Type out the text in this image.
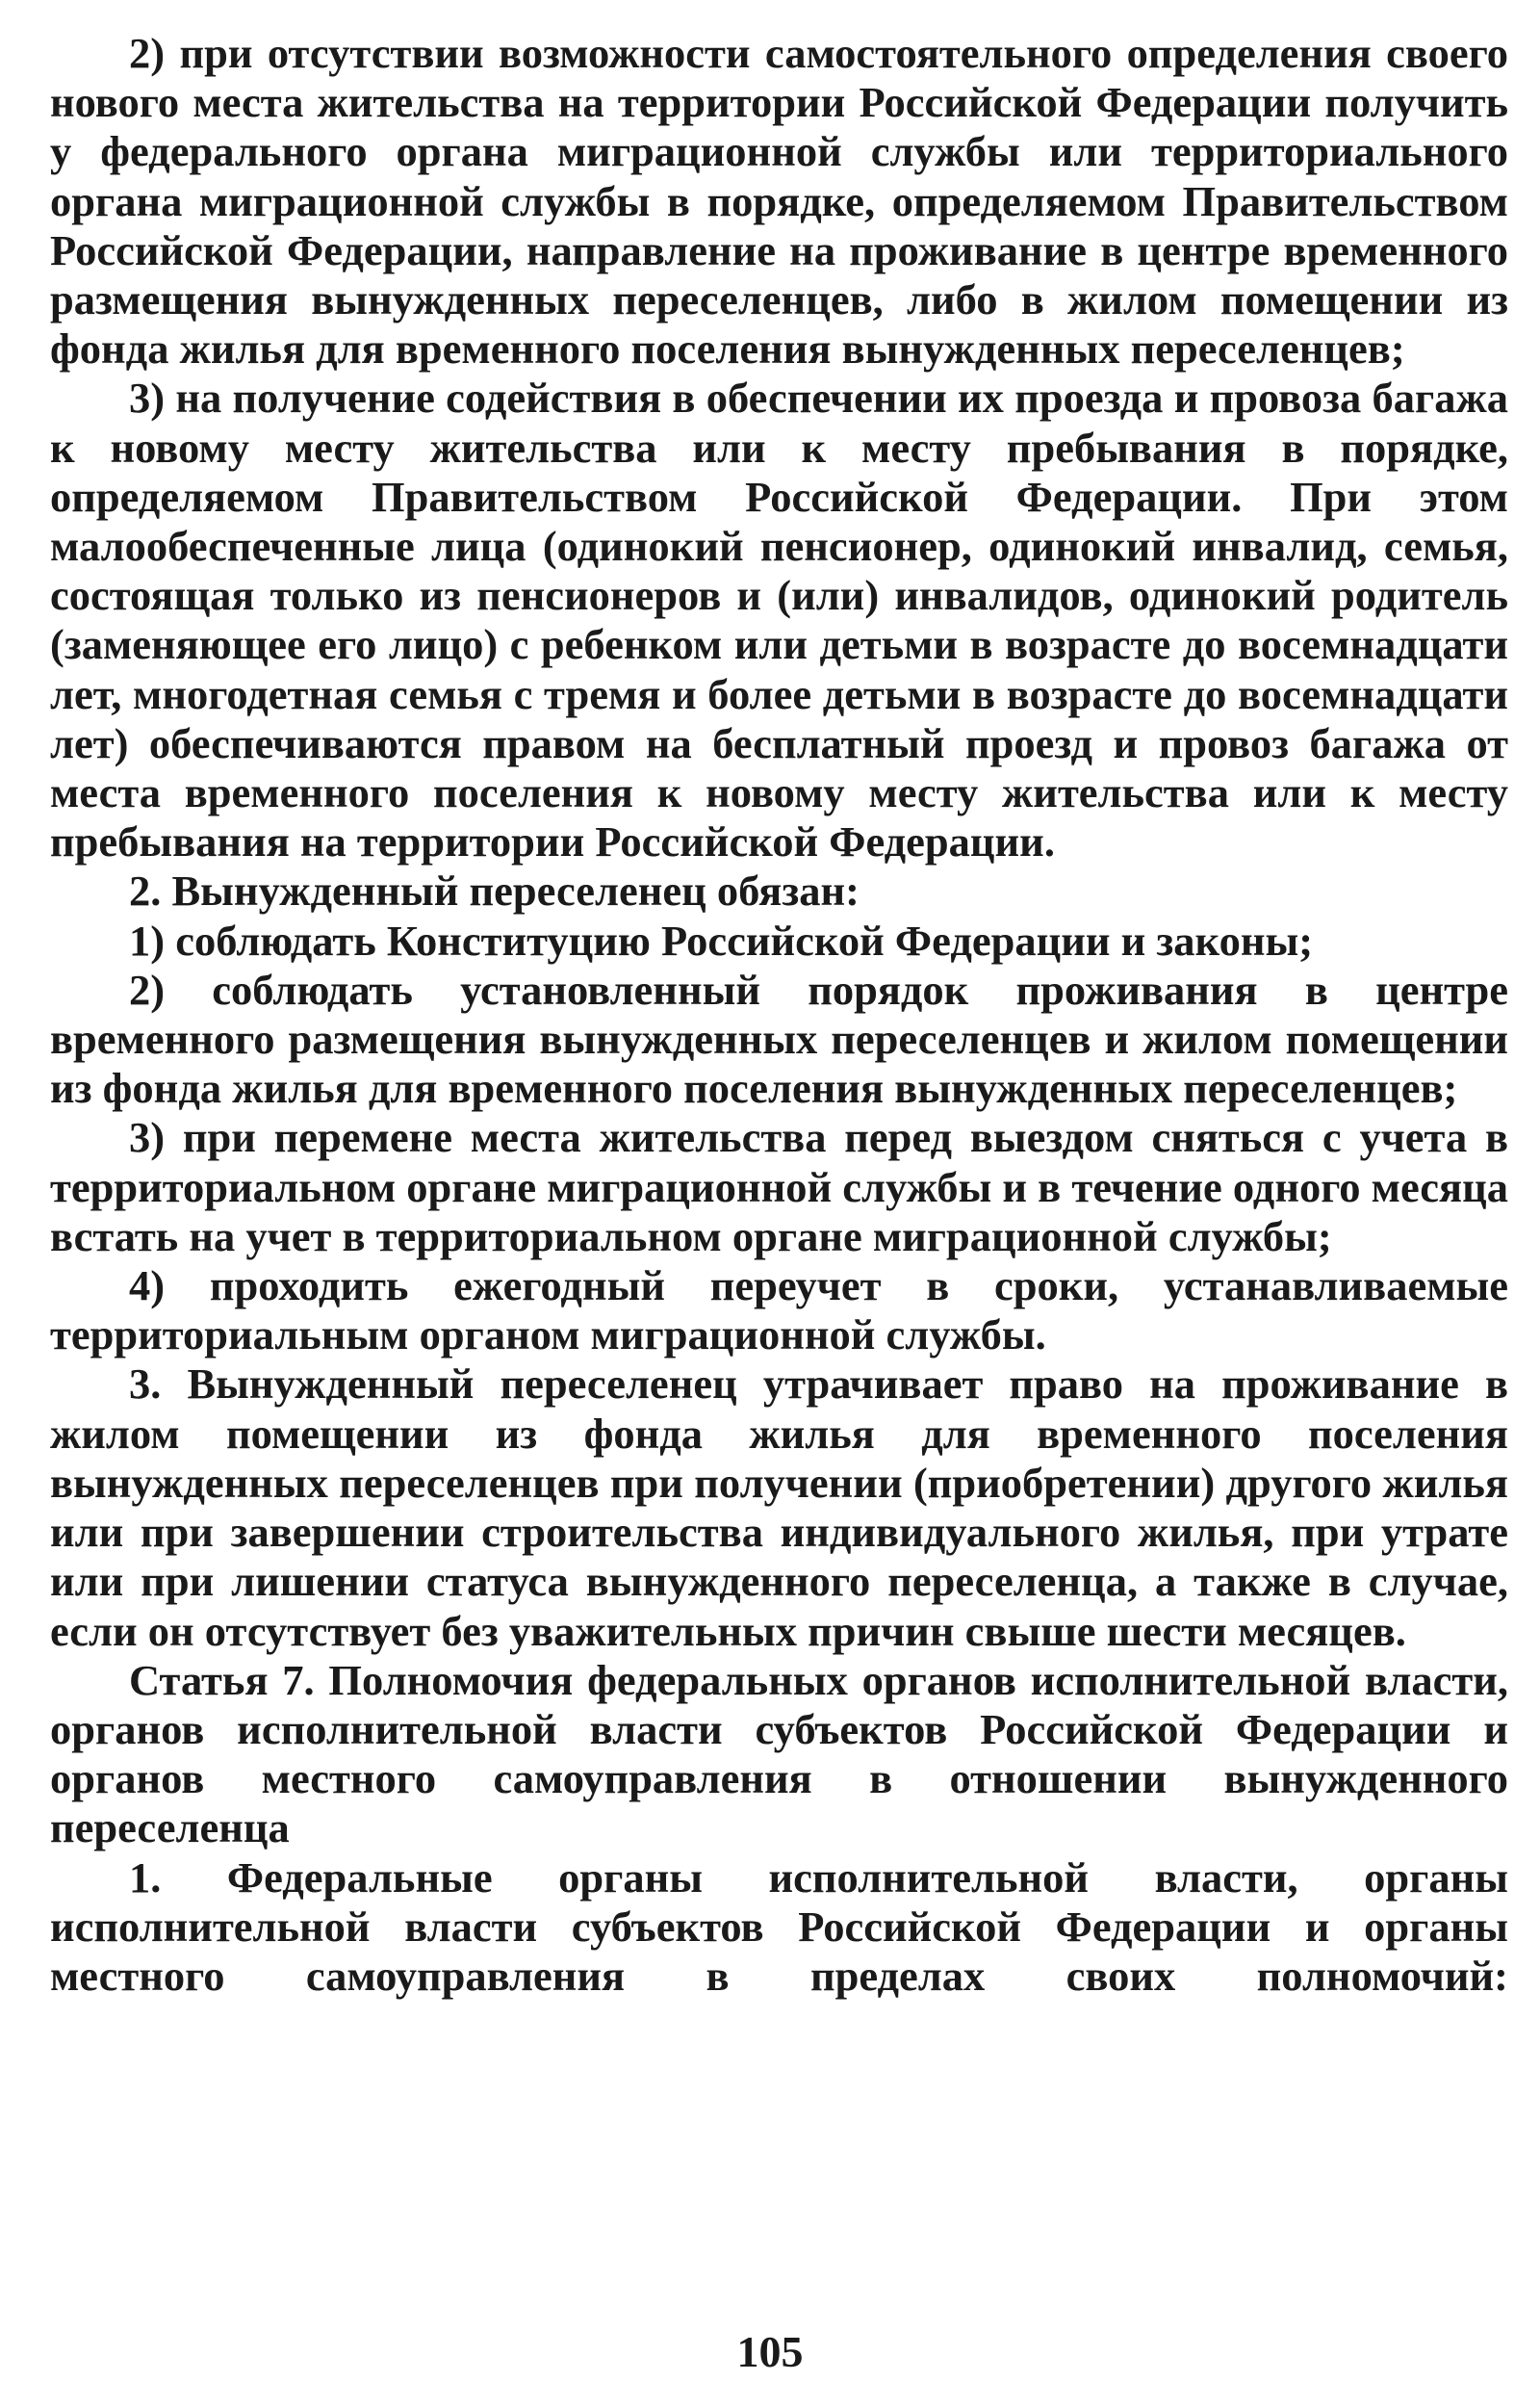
2) при отсутствии возможности самостоятельного определения своего нового места жительства на территории Российской Федерации получить у федерального органа миграционной службы или территориального органа миграционной службы в порядке, определяемом Правительством Российской Федерации, направление на проживание в центре временного размещения вынужденных переселенцев, либо в жилом помещении из фонда жилья для временного поселения вынужденных переселенцев;

3) на получение содействия в обеспечении их проезда и провоза багажа к новому месту жительства или к месту пребывания в порядке, определяемом Правительством Российской Федерации. При этом малообеспеченные лица (одинокий пенсионер, одинокий инвалид, семья, состоящая только из пенсионеров и (или) инвалидов, одинокий родитель (заменяющее его лицо) с ребенком или детьми в возрасте до восемнадцати лет, многодетная семья с тремя и более детьми в возрасте до восемнадцати лет) обеспечиваются правом на бесплатный проезд и провоз багажа от места временного поселения к новому месту жительства или к месту пребывания на территории Российской Федерации.

2. Вынужденный переселенец обязан:

1) соблюдать Конституцию Российской Федерации и законы;

2) соблюдать установленный порядок проживания в центре временного размещения вынужденных переселенцев и жилом помещении из фонда жилья для временного поселения вынужденных переселенцев;

3) при перемене места жительства перед выездом сняться с учета в территориальном органе миграционной службы и в течение одного месяца встать на учет в территориальном органе миграционной службы;

4) проходить ежегодный переучет в сроки, устанавливаемые территориальным органом миграционной службы.

3. Вынужденный переселенец утрачивает право на проживание в жилом помещении из фонда жилья для временного поселения вынужденных переселенцев при получении (приобретении) другого жилья или при завершении строительства индивидуального жилья, при утрате или при лишении статуса вынужденного переселенца, а также в случае, если он отсутствует без уважительных причин свыше шести месяцев.

Статья 7. Полномочия федеральных органов исполнительной власти, органов исполнительной власти субъектов Российской Федерации и органов местного самоуправления в отношении вынужденного переселенца

1. Федеральные органы исполнительной власти, органы исполнительной власти субъектов Российской Федерации и органы местного самоуправления в пределах своих полномочий:

105
